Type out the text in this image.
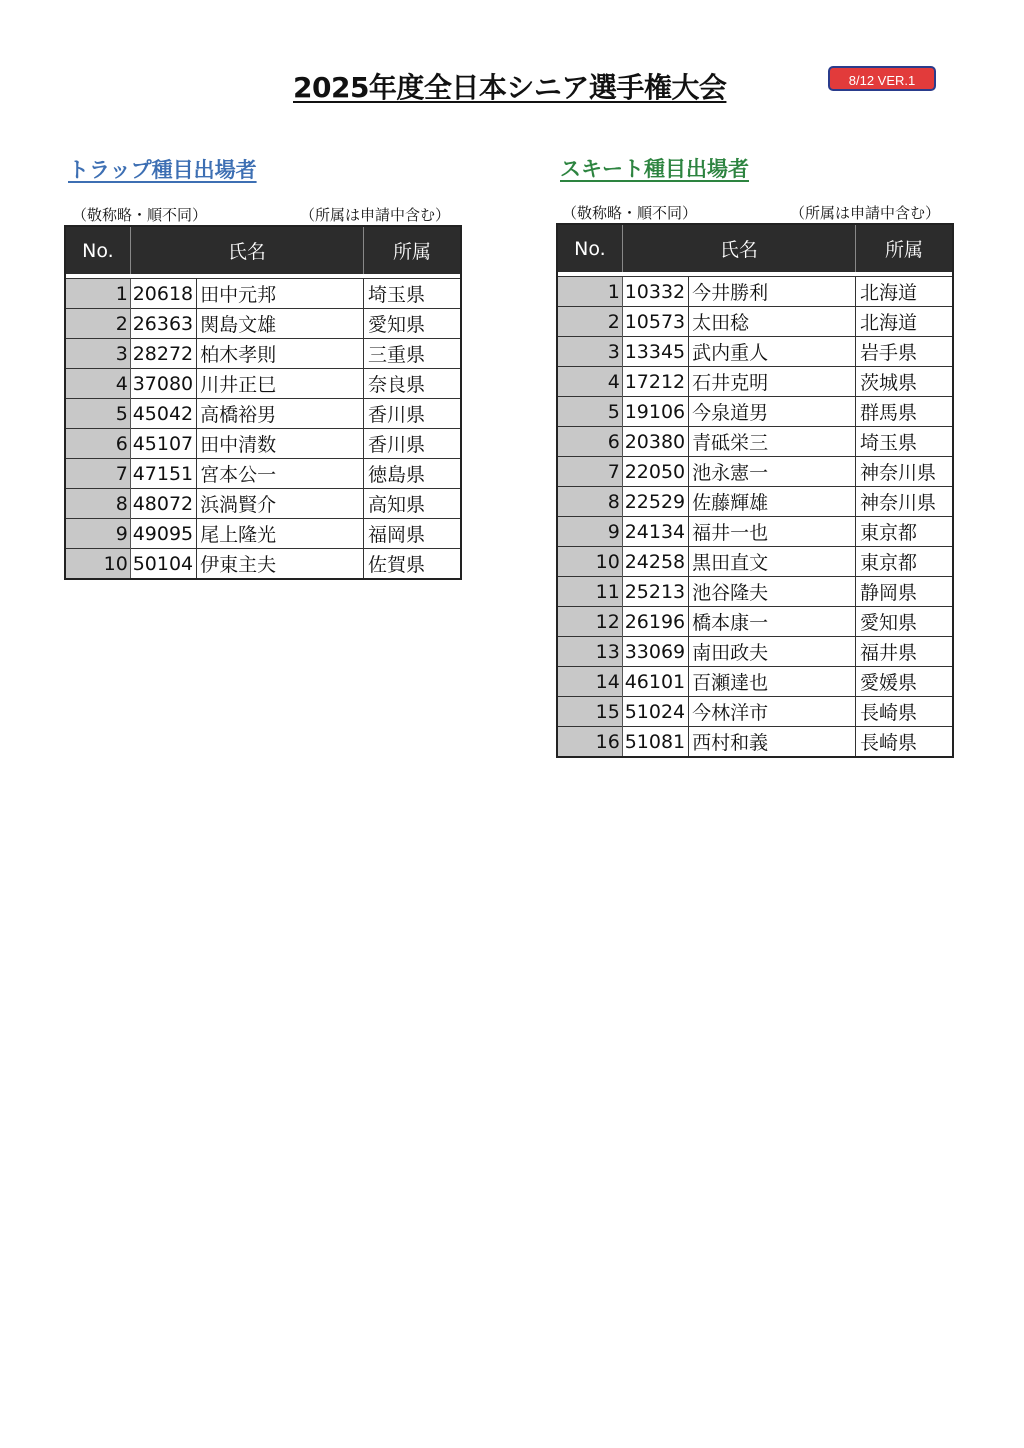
2025年度全日本シニア選手権大会	8/12 VER.1
トラップ種目出場者
（敬称略・順不同）	（所属は申請中含む）
No.	氏名		所属

1	20618	田中元邦	埼玉県
2	26363	関島文雄	愛知県
3	28272	柏木孝則	三重県
4	37080	川井正巳	奈良県
5	45042	高橋裕男	香川県
6	45107	田中清数	香川県
7	47151	宮本公一	徳島県
8	48072	浜渦賢介	高知県
9	49095	尾上隆光	福岡県
10	50104	伊東主夫	佐賀県
スキート種目出場者
（敬称略・順不同）	（所属は申請中含む）
No.	氏名		所属

1	10332	今井勝利	北海道
2	10573	太田稔	北海道
3	13345	武内重人	岩手県
4	17212	石井克明	茨城県
5	19106	今泉道男	群馬県
6	20380	青砥栄三	埼玉県
7	22050	池永憲一	神奈川県
8	22529	佐藤輝雄	神奈川県
9	24134	福井一也	東京都
10	24258	黒田直文	東京都
11	25213	池谷隆夫	静岡県
12	26196	橋本康一	愛知県
13	33069	南田政夫	福井県
14	46101	百瀬達也	愛媛県
15	51024	今林洋市	長崎県
16	51081	西村和義	長崎県
